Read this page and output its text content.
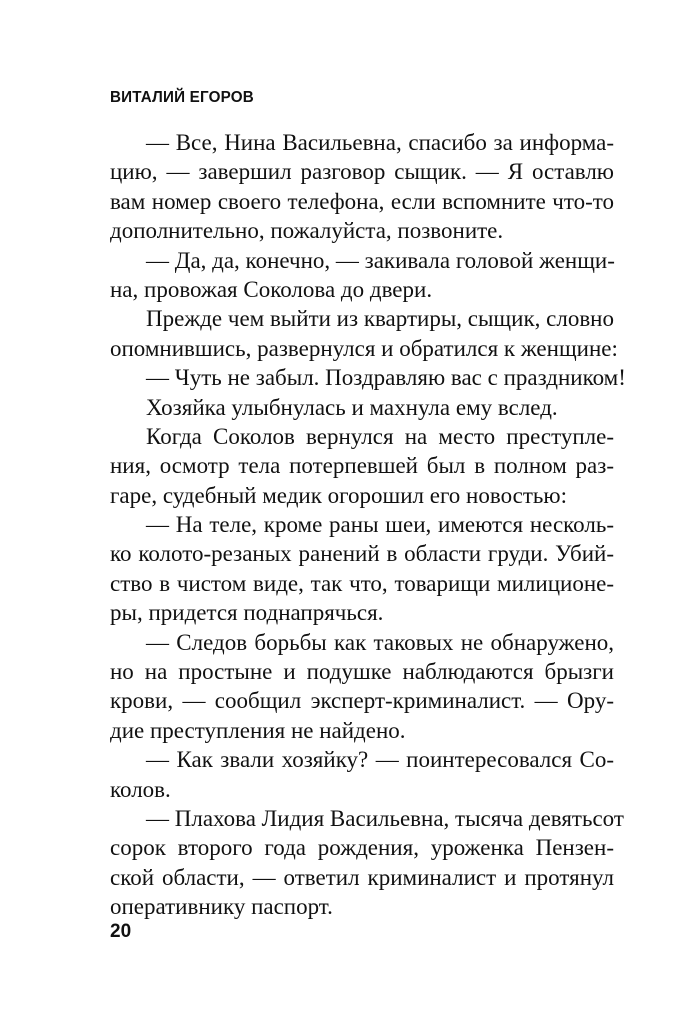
ВИТАЛИЙ ЕГОРОВ
— Все, Нина Васильевна, спасибо за информа-
цию, — завершил разговор сыщик. — Я оставлю
вам номер своего телефона, если вспомните что-то
дополнительно, пожалуйста, позвоните.
— Да, да, конечно, — закивала головой женщи-
на, провожая Соколова до двери.
Прежде чем выйти из квартиры, сыщик, словно
опомнившись, развернулся и обратился к женщине:
— Чуть не забыл. Поздравляю вас с праздником!
Хозяйка улыбнулась и махнула ему вслед.
Когда Соколов вернулся на место преступле-
ния, осмотр тела потерпевшей был в полном раз-
гаре, судебный медик огорошил его новостью:
— На теле, кроме раны шеи, имеются несколь-
ко колото-резаных ранений в области груди. Убий-
ство в чистом виде, так что, товарищи милиционе-
ры, придется поднапрячься.
— Следов борьбы как таковых не обнаружено,
но на простыне и подушке наблюдаются брызги
крови, — сообщил эксперт-криминалист. — Ору-
дие преступления не найдено.
— Как звали хозяйку? — поинтересовался Со-
колов.
— Плахова Лидия Васильевна, тысяча девятьсот
сорок второго года рождения, уроженка Пензен-
ской области, — ответил криминалист и протянул
оперативнику паспорт.
20
